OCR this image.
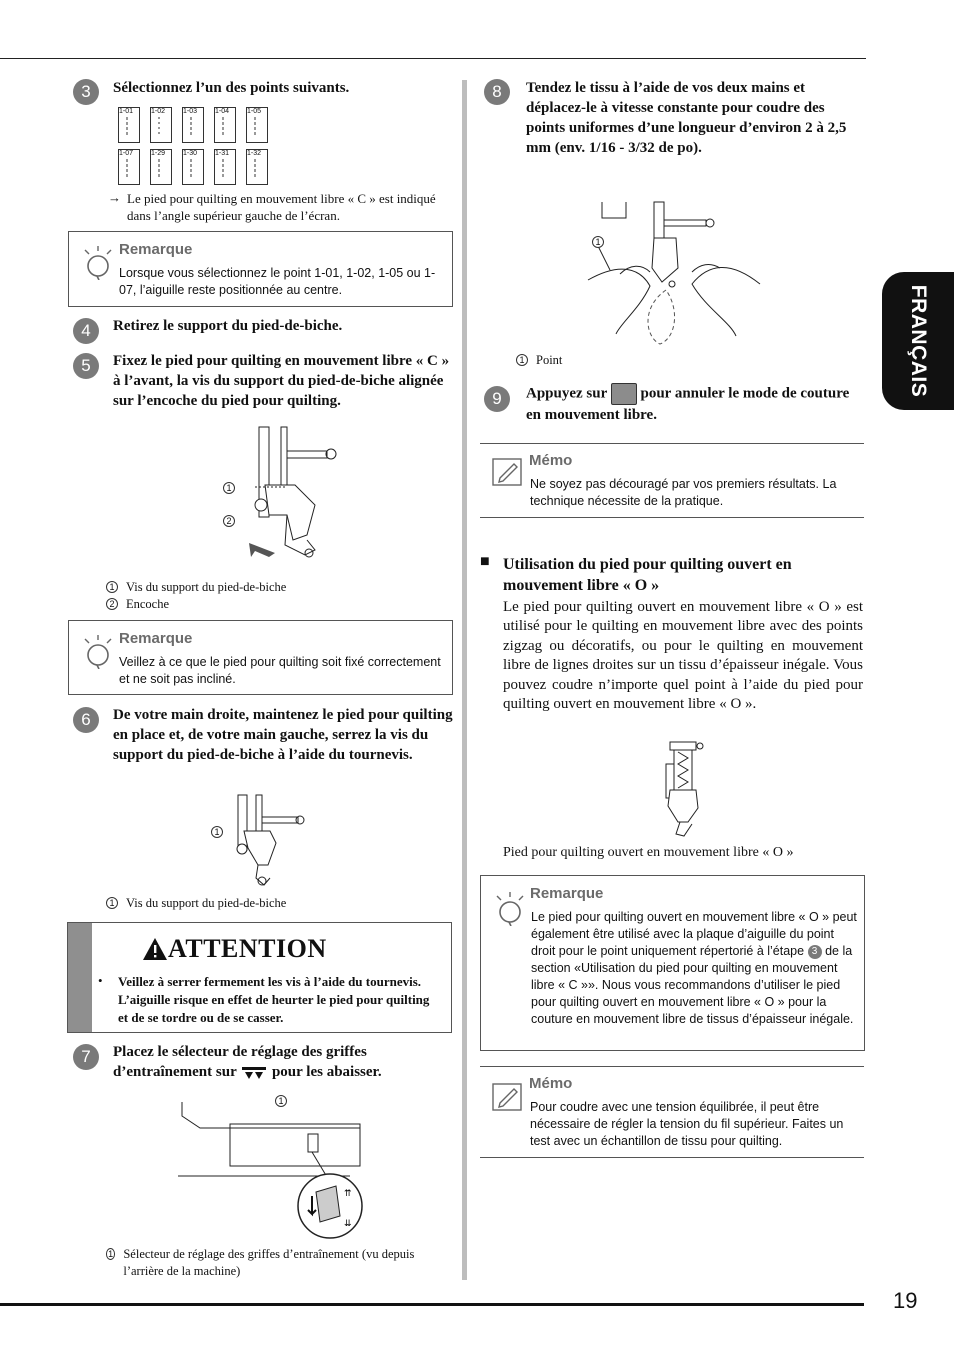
19
FRANÇAIS
3	Sélectionnez l’un des points suivants.
1-01	1-02	1-03	1-04	1-05
1-07	1-29	1-30	1-31	1-32
→ Le pied pour quilting en mouvement libre « C » est indiqué dans l’angle supérieur gauche de l’écran.
Remarque
Lorsque vous sélectionnez le point 1-01, 1-02, 1-05 ou 1-07, l’aiguille reste positionnée au centre.
4	Retirez le support du pied-de-biche.
5	Fixez le pied pour quilting en mouvement libre « C » à l’avant, la vis du support du pied-de-biche alignée sur l’encoche du pied pour quilting.
1
2
1 Vis du support du pied-de-biche
2 Encoche
Remarque
Veillez à ce que le pied pour quilting soit fixé correctement et ne soit pas incliné.
6	De votre main droite, maintenez le pied pour quilting en place et, de votre main gauche, serrez la vis du support du pied-de-biche à l’aide du tournevis.
1
1 Vis du support du pied-de-biche
ATTENTION
• Veillez à serrer fermement les vis à l’aide du tournevis. L’aiguille risque en effet de heurter le pied pour quilting et de se tordre ou de se casser.
7	Placez le sélecteur de réglage des griffes d’entraînement sur pour les abaisser.
⇈
⇊
1
1 Sélecteur de réglage des griffes d’entraînement (vu depuis l’arrière de la machine)
8	Tendez le tissu à l’aide de vos deux mains et déplacez-le à vitesse constante pour coudre des points uniformes d’une longueur d’environ 2 à 2,5 mm (env. 1/16 - 3/32 de po).
1
1 Point
9	Appuyez sur pour annuler le mode de couture en mouvement libre.
Mémo
Ne soyez pas découragé par vos premiers résultats. La technique nécessite de la pratique.
■ Utilisation du pied pour quilting ouvert en mouvement libre « O »
Le pied pour quilting ouvert en mouvement libre « O » est utilisé pour le quilting en mouvement libre avec des points zigzag ou décoratifs, ou pour le quilting en mouvement libre de lignes droites sur un tissu d’épaisseur inégale. Vous pouvez coudre n’importe quel point à l’aide du pied pour quilting ouvert en mouvement libre « O ».
Pied pour quilting ouvert en mouvement libre « O »
Remarque
Le pied pour quilting ouvert en mouvement libre « O » peut également être utilisé avec la plaque d’aiguille du point droit pour le point uniquement répertorié à l’étape 3 de la section «Utilisation du pied pour quilting en mouvement libre « C »». Nous vous recommandons d’utiliser le pied pour quilting ouvert en mouvement libre « O » pour la couture en mouvement libre de tissus d’épaisseur inégale.
Mémo
Pour coudre avec une tension équilibrée, il peut être nécessaire de régler la tension du fil supérieur. Faites un test avec un échantillon de tissu pour quilting.
